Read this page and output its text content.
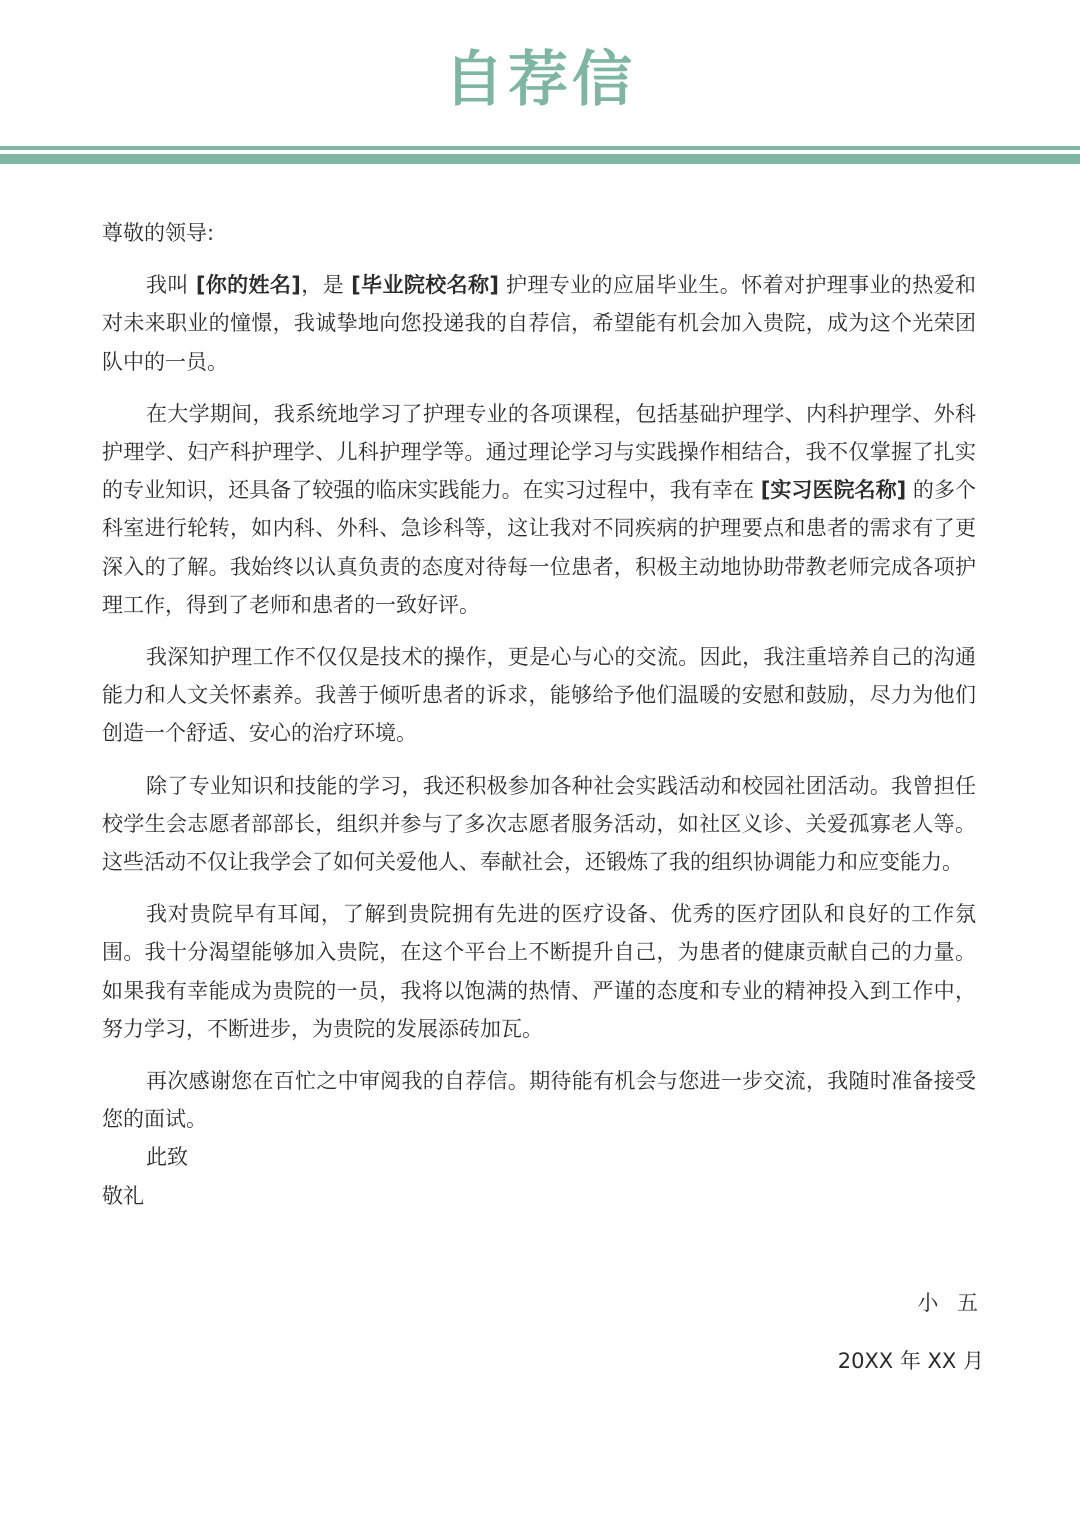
自荐信

尊敬的领导:

我叫 [你的姓名]，是 [毕业院校名称] 护理专业的应届毕业生。怀着对护理事业的热爱和对未来职业的憧憬，我诚挚地向您投递我的自荐信，希望能有机会加入贵院，成为这个光荣团队中的一员。

在大学期间，我系统地学习了护理专业的各项课程，包括基础护理学、内科护理学、外科护理学、妇产科护理学、儿科护理学等。通过理论学习与实践操作相结合，我不仅掌握了扎实的专业知识，还具备了较强的临床实践能力。在实习过程中，我有幸在 [实习医院名称] 的多个科室进行轮转，如内科、外科、急诊科等，这让我对不同疾病的护理要点和患者的需求有了更深入的了解。我始终以认真负责的态度对待每一位患者，积极主动地协助带教老师完成各项护理工作，得到了老师和患者的一致好评。

我深知护理工作不仅仅是技术的操作，更是心与心的交流。因此，我注重培养自己的沟通能力和人文关怀素养。我善于倾听患者的诉求，能够给予他们温暖的安慰和鼓励，尽力为他们创造一个舒适、安心的治疗环境。

除了专业知识和技能的学习，我还积极参加各种社会实践活动和校园社团活动。我曾担任校学生会志愿者部部长，组织并参与了多次志愿者服务活动，如社区义诊、关爱孤寡老人等。这些活动不仅让我学会了如何关爱他人、奉献社会，还锻炼了我的组织协调能力和应变能力。

我对贵院早有耳闻，了解到贵院拥有先进的医疗设备、优秀的医疗团队和良好的工作氛围。我十分渴望能够加入贵院，在这个平台上不断提升自己，为患者的健康贡献自己的力量。如果我有幸能成为贵院的一员，我将以饱满的热情、严谨的态度和专业的精神投入到工作中，努力学习，不断进步，为贵院的发展添砖加瓦。

再次感谢您在百忙之中审阅我的自荐信。期待能有机会与您进一步交流，我随时准备接受您的面试。

此致

敬礼

小 五
20XX 年 XX 月
